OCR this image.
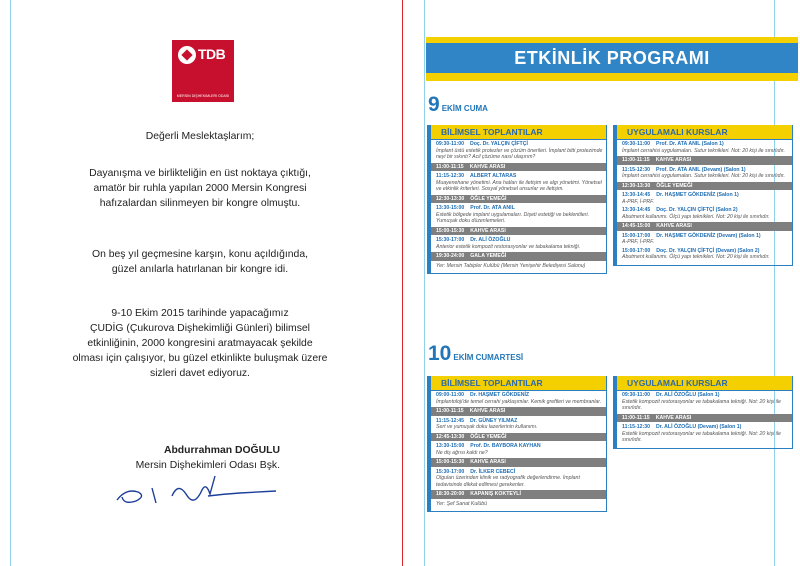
TDB
MERSİN DİŞHEKİMLERİ ODASI
Değerli Meslektaşlarım;
Dayanışma ve birlikteliğin en üst noktaya çıktığı,
amatör bir ruhla yapılan 2000 Mersin Kongresi
hafızalardan silinmeyen bir kongre olmuştu.
On beş yıl geçmesine karşın, konu açıldığında,
güzel anılarla hatırlanan bir kongre idi.
9-10 Ekim 2015 tarihinde yapacağımız
ÇUDİG (Çukurova Dişhekimliği Günleri) bilimsel
etkinliğinin, 2000 kongresini aratmayacak şekilde
olması için çalışıyor, bu güzel etkinlikte buluşmak üzere
sizleri davet ediyoruz.
Abdurrahman DOĞULU
Mersin Dişhekimleri Odası Bşk.
ETKİNLİK PROGRAMI
9 EKİM CUMA
BİLİMSEL TOPLANTILAR
09:30-11:00 Doç. Dr. YALÇIN ÇİFTÇİ
İmplant üstü estetik protezler ve çözüm önerileri. İmplant bitti protezimde neyi bir sıkıntı? Acil çözüme nasıl ulaşırım?
11:00-11:15 KAHVE ARASI
11:15-12:30 ALBERT ALTARAS
Muayenehane yönetimi. Ana hatları ile iletişim ve algı yönetimi. Yönetsel ve etkinlik kriterleri. Sosyal yönetsel unsurlar ve iletişim.
12:30-13:30 ÖĞLE YEMEĞİ
13:30-15:00 Prof. Dr. ATA ANIL
Estetik bölgede implant uygulamaları. Dişeti estetiği ve beklentileri. Yumuşak doku düzenlemeleri.
15:00-15:30 KAHVE ARASI
15:30-17:00 Dr. ALİ ÖZOĞLU
Anterior estetik kompozit restorasyonlar ve tabakalama tekniği.
19:30-24:00 GALA YEMEĞİ
Yer: Mersin Tabipler Kulübü (Mersin Yenişehir Belediyesi Salonu)
UYGULAMALI KURSLAR
09:30-11:00 Prof. Dr. ATA ANIL (Salon 1)
İmplant cerrahisi uygulamaları. Sutur teknikleri. Not: 20 kişi ile sınırlıdır.
11:00-11:15 KAHVE ARASI
11:15-12:30 Prof. Dr. ATA ANIL (Devam) (Salon 1)
İmplant cerrahisi uygulamaları. Sutur teknikleri. Not: 20 kişi ile sınırlıdır.
12:30-13:30 ÖĞLE YEMEĞİ
13:30-14:45 Dr. HAŞMET GÖKDENİZ (Salon 1)
A-PRF, İ-PRF.
13:30-14:45 Doç. Dr. YALÇIN ÇİFTÇİ (Salon 2)
Abutment kullanımı. Ölçü yapı teknikleri. Not: 20 kişi ile sınırlıdır.
14:45-15:00 KAHVE ARASI
15:00-17:00 Dr. HAŞMET GÖKDENİZ (Devam) (Salon 1)
A-PRF, İ-PRF.
15:00-17:00 Doç. Dr. YALÇIN ÇİFTÇİ (Devam) (Salon 2)
Abutment kullanımı. Ölçü yapı teknikleri. Not: 20 kişi ile sınırlıdır.
10 EKİM CUMARTESİ
BİLİMSEL TOPLANTILAR
09:00-11:00 Dr. HAŞMET GÖKDENİZ
İmplantoloji'de temel cerrahi yaklaşımlar. Kemik greftleri ve membranlar.
11:00-11:15 KAHVE ARASI
11:15-12:45 Dr. GÜNEY YILMAZ
Sert ve yumuşak doku lazerlerinin kullanımı.
12:45-13:30 ÖĞLE YEMEĞİ
13:30-15:00 Prof. Dr. BAYBORA KAYHAN
Ne diş ağrısı kaldı ne?
15:00-15:30 KAHVE ARASI
15:30-17:00 Dr. İLKER CEBECİ
Olguları üzerinden klinik ve radyografik değerlendirme. İmplant tedavisinde dikkat edilmesi gerekenler.
18:30-20:00 KAPANIŞ KOKTEYLİ
Yer: Şef Sanat Kulübü
UYGULAMALI KURSLAR
09:30-11:00 Dr. ALİ ÖZOĞLU (Salon 1)
Estetik kompozit restorasyonlar ve tabakalama tekniği. Not: 20 kişi ile sınırlıdır.
11:00-11:15 KAHVE ARASI
11:15-12:30 Dr. ALİ ÖZOĞLU (Devam) (Salon 1)
Estetik kompozit restorasyonlar ve tabakalama tekniği. Not: 20 kişi ile sınırlıdır.
